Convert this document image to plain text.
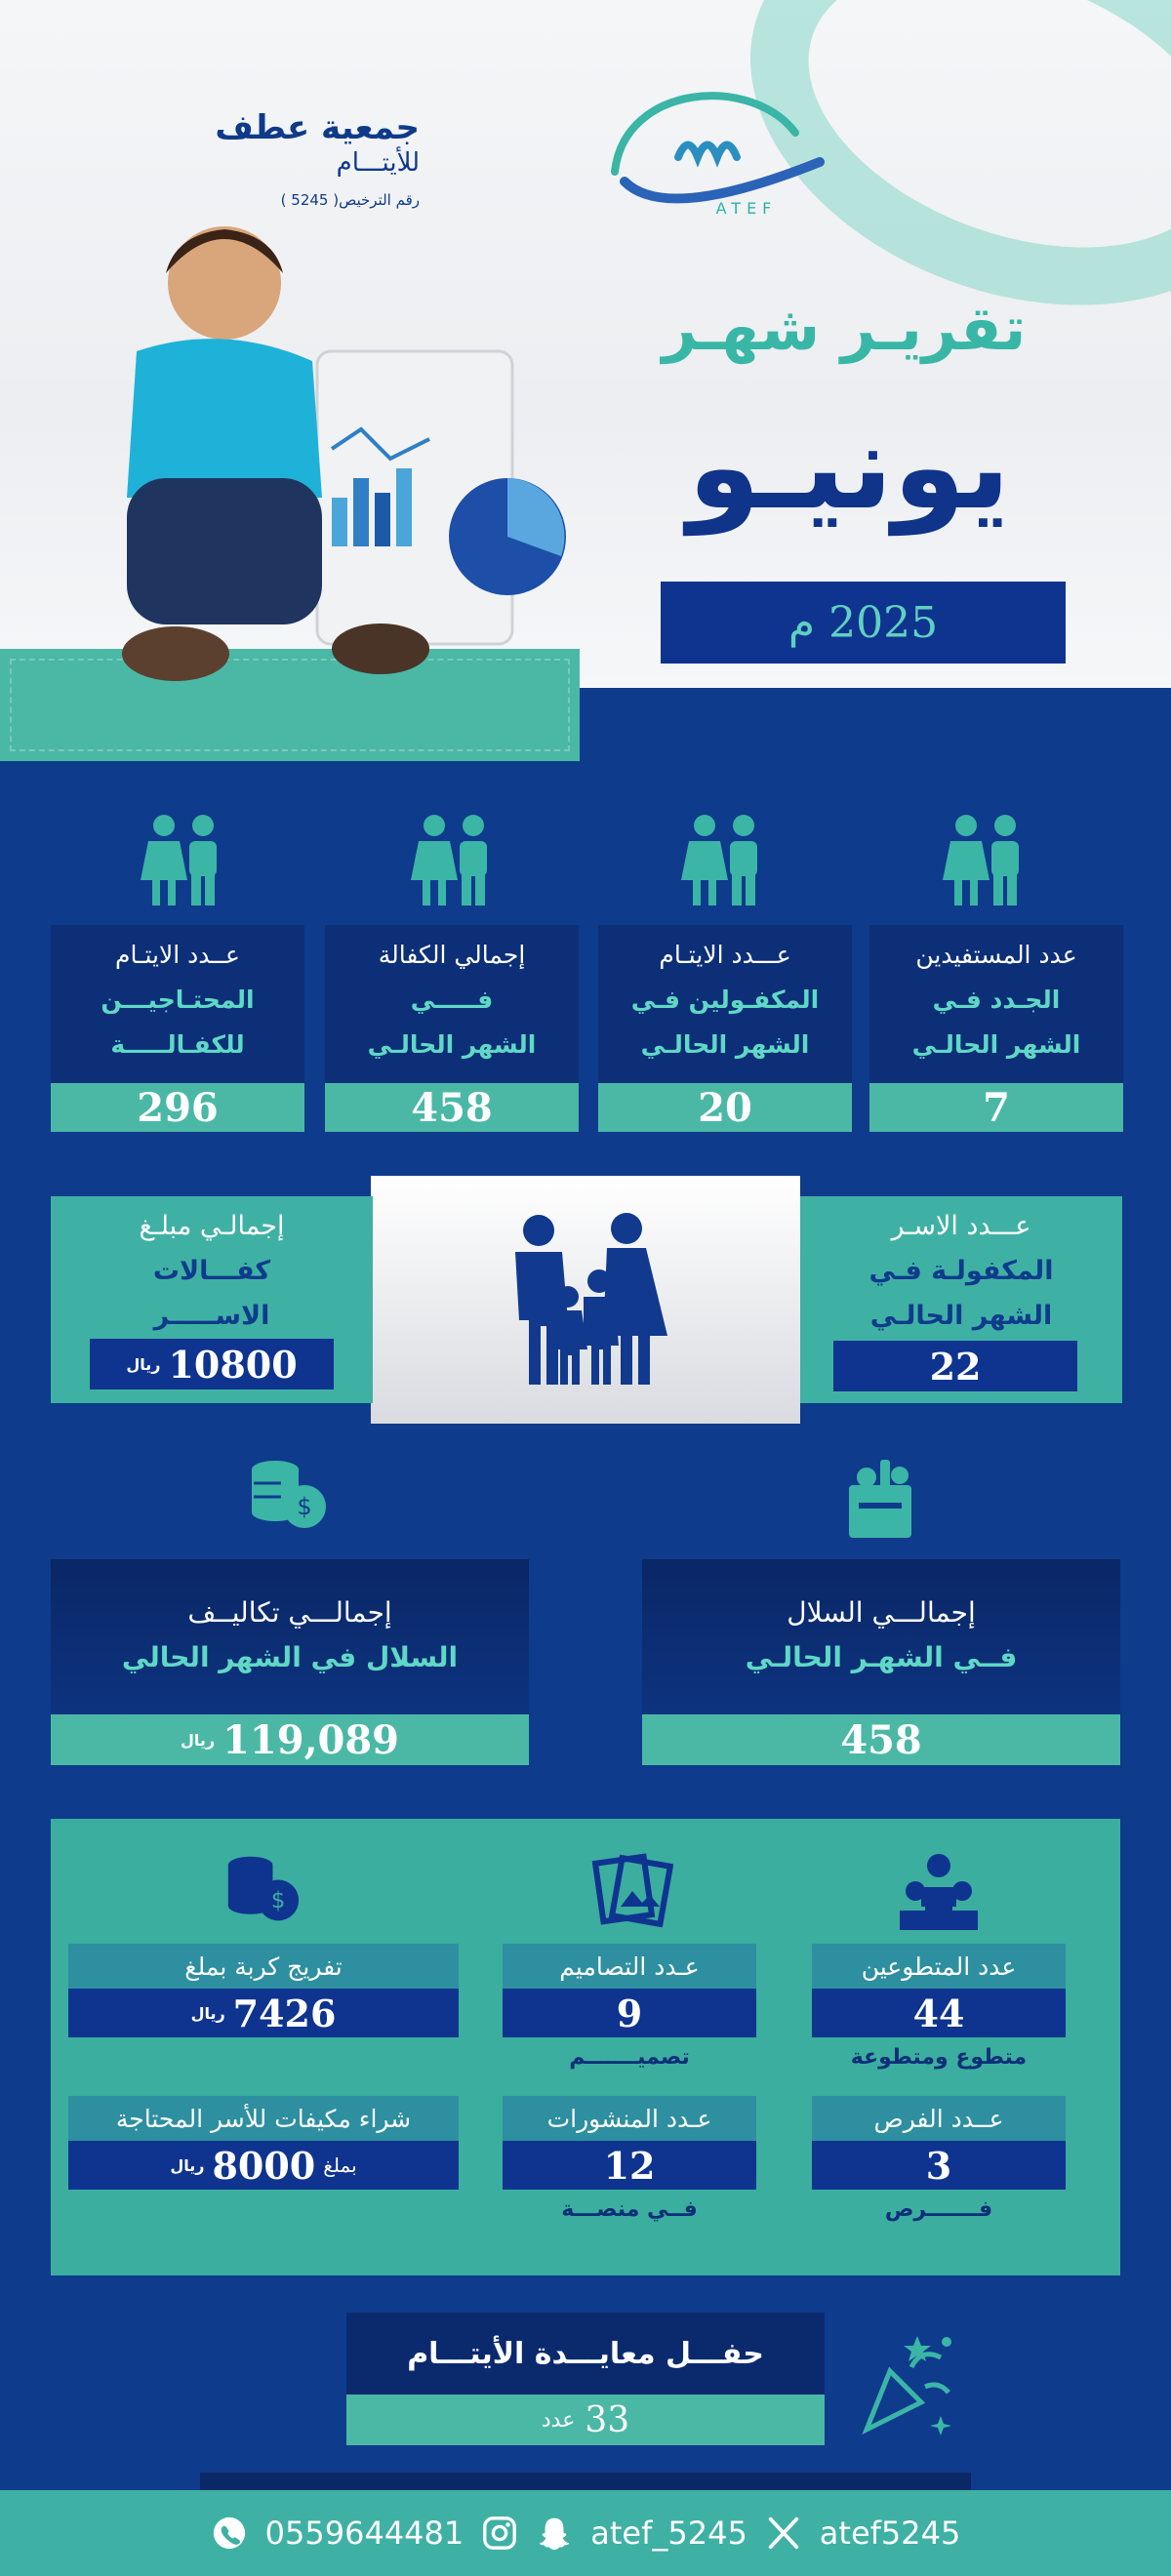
جمعية عطف
للأيتـــام
رقم الترخيص( 5245 )	ATEF
تقريـر شهـر
يونيـو
2025 م
عدد المستفيدين
الجـدد فـي
الشهر الحالـي
عـــدد الايتـام
المكفـولين فـي
الشهر الحالـي
إجمالي الكفالة
فـــــي
الشهر الحالـي
عــدد الايتـام
المحتـاجيـــن
للكفـالـــــة
7
20
458
296
عـــدد الاسـر
المكفولـة فـي
الشهر الحالـي
22
إجمالـي مبلـغ
كفـــالات
الاســـــر
10800
ريال
$
إجمالـــي السلال
فــي الشهـر الحالـي
إجمالـــي تكاليــف
السلال في الشهر الحالي
458
119,089
ريال
$
عدد المتطوعين
44
متطوع ومتطوعة
عــدد الفرص
3
فـــــــرص
عـدد التصاميم
9
تصميـــــــم
عـدد المنشورات
12
فــي منصـــة
تفريج كربة بملغ
7426
ريال
شراء مكيفات للأسر المحتاجة
بملغ
8000
ريال
حفـــل معايـــدة الأيتـــام
33
عدد
0559644481	atef_5245 atef5245
